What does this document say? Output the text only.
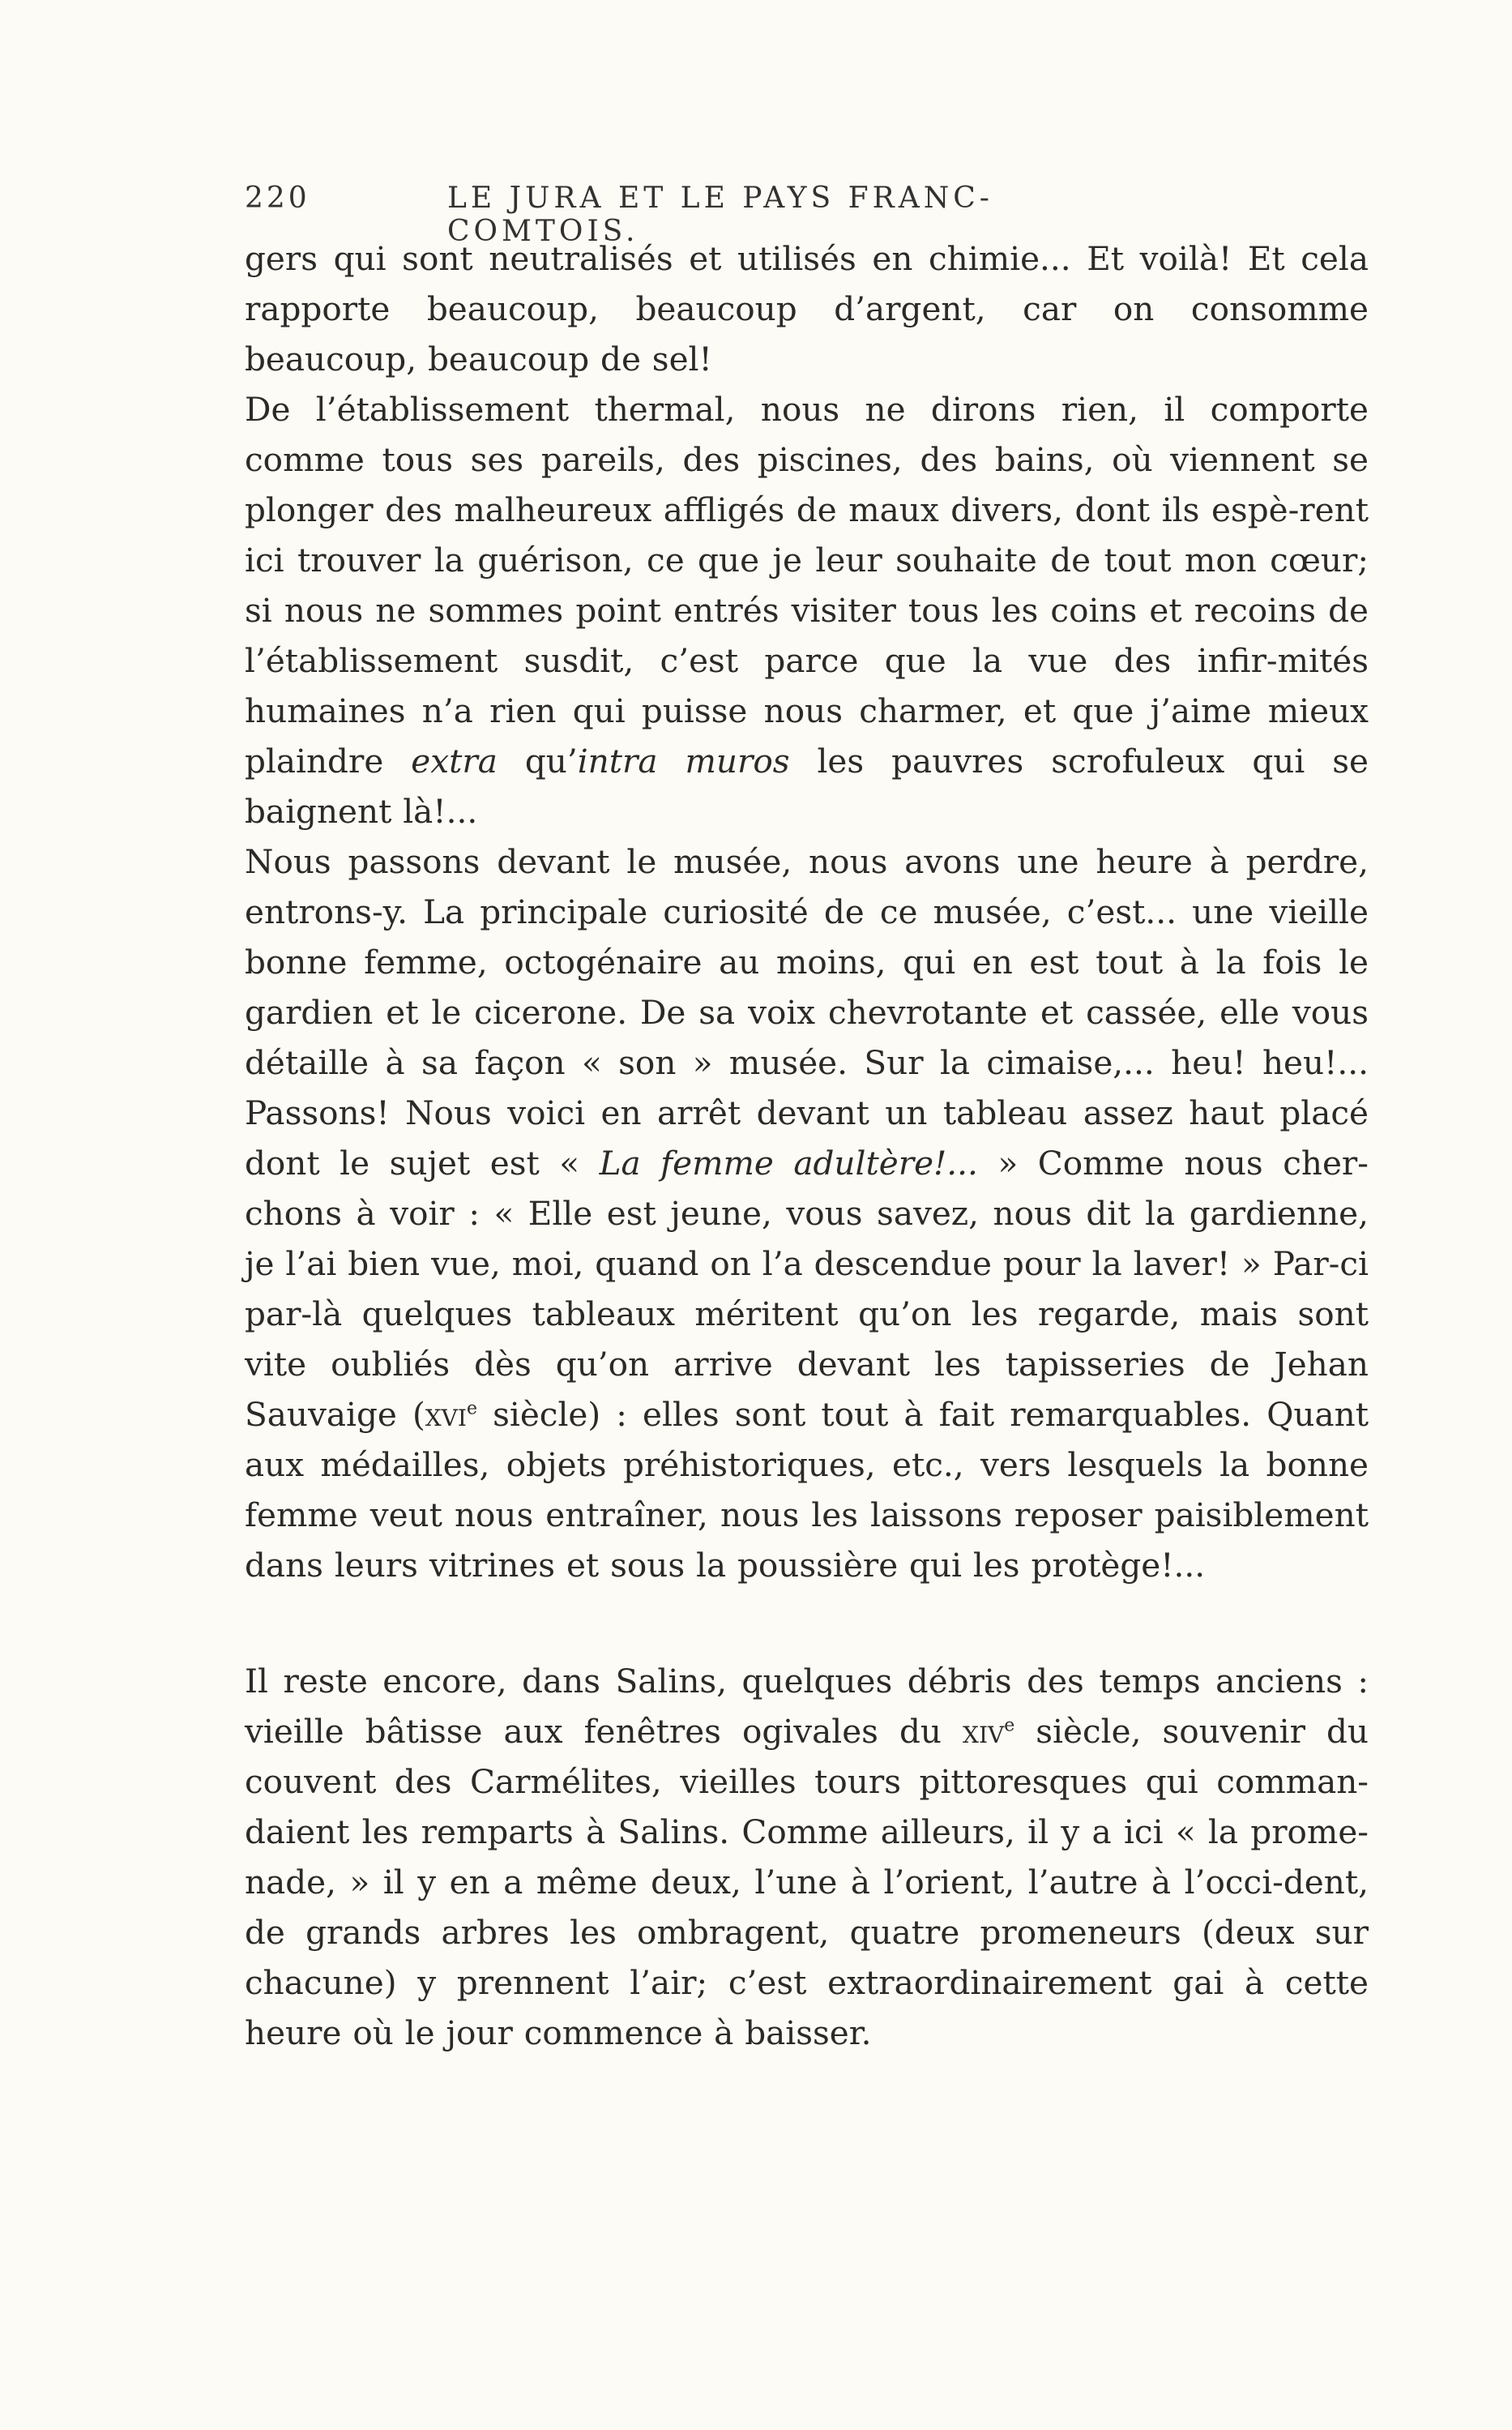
220	LE JURA ET LE PAYS FRANC-COMTOIS.

gers qui sont neutralisés et utilisés en chimie... Et voilà! Et cela rapporte beaucoup, beaucoup d’argent, car on consomme beaucoup, beaucoup de sel!

De l’établissement thermal, nous ne dirons rien, il comporte comme tous ses pareils, des piscines, des bains, où viennent se plonger des malheureux affligés de maux divers, dont ils espè-rent ici trouver la guérison, ce que je leur souhaite de tout mon cœur; si nous ne sommes point entrés visiter tous les coins et recoins de l’établissement susdit, c’est parce que la vue des infir-mités humaines n’a rien qui puisse nous charmer, et que j’aime mieux plaindre extra qu’intra muros les pauvres scrofuleux qui se baignent là!...

Nous passons devant le musée, nous avons une heure à perdre, entrons-y. La principale curiosité de ce musée, c’est... une vieille bonne femme, octogénaire au moins, qui en est tout à la fois le gardien et le cicerone. De sa voix chevrotante et cassée, elle vous détaille à sa façon « son » musée. Sur la cimaise,... heu! heu!... Passons! Nous voici en arrêt devant un tableau assez haut placé dont le sujet est « La femme adultère!... » Comme nous cher-chons à voir : « Elle est jeune, vous savez, nous dit la gardienne, je l’ai bien vue, moi, quand on l’a descendue pour la laver! » Par-ci par-là quelques tableaux méritent qu’on les regarde, mais sont vite oubliés dès qu’on arrive devant les tapisseries de Jehan Sauvaige (xvi$^e$ siècle) : elles sont tout à fait remarquables. Quant aux médailles, objets préhistoriques, etc., vers lesquels la bonne femme veut nous entraîner, nous les laissons reposer paisiblement dans leurs vitrines et sous la poussière qui les protège!...

Il reste encore, dans Salins, quelques débris des temps anciens : vieille bâtisse aux fenêtres ogivales du xiv$^e$ siècle, souvenir du couvent des Carmélites, vieilles tours pittoresques qui comman-daient les remparts à Salins. Comme ailleurs, il y a ici « la prome-nade, » il y en a même deux, l’une à l’orient, l’autre à l’occi-dent, de grands arbres les ombragent, quatre promeneurs (deux sur chacune) y prennent l’air; c’est extraordinairement gai à cette heure où le jour commence à baisser.
